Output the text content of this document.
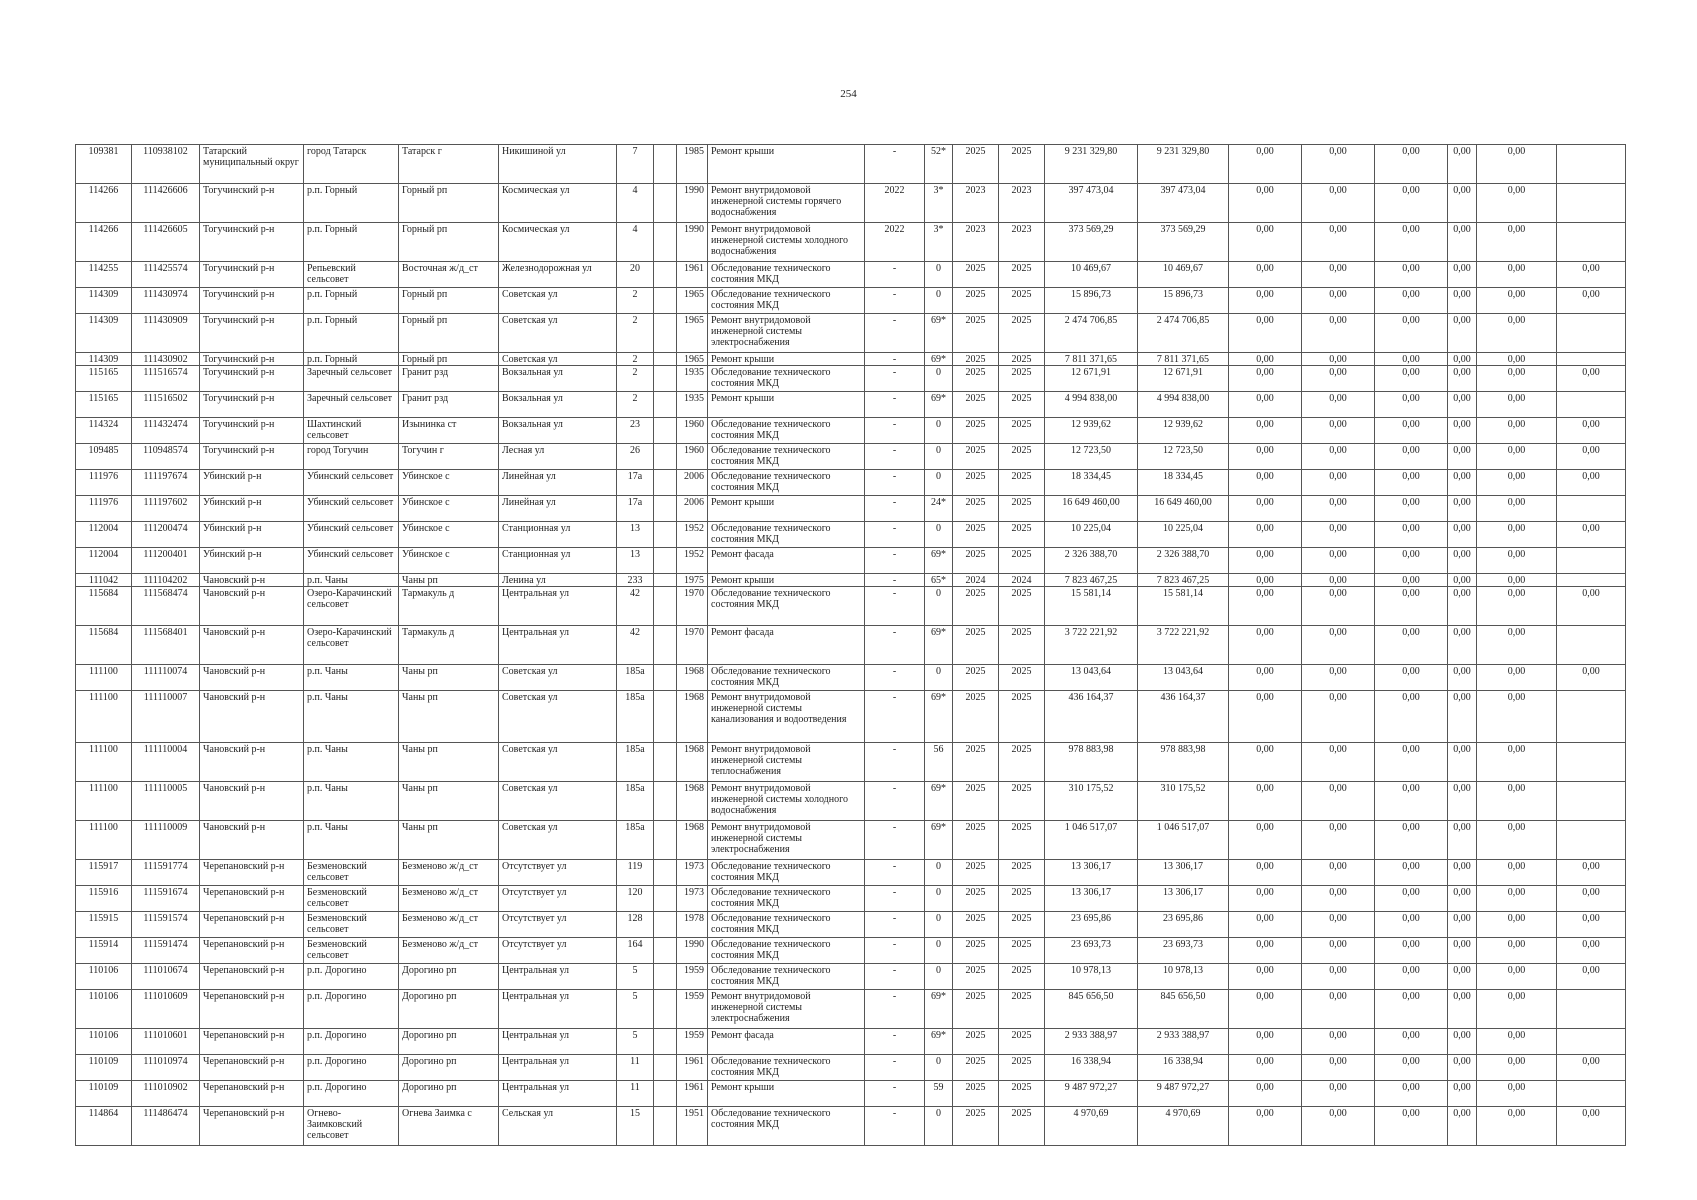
254
109381	110938102	Татарский муниципальный округ	город Татарск	Татарск г	Никишиной ул	7		1985	Ремонт крыши	-	52*	2025	2025	9 231 329,80	9 231 329,80	0,00	0,00	0,00	0,00	0,00	
114266	111426606	Тогучинский р-н	р.п. Горный	Горный рп	Космическая ул	4		1990	Ремонт внутридомовой инженерной системы горячего водоснабжения	2022	3*	2023	2023	397 473,04	397 473,04	0,00	0,00	0,00	0,00	0,00	
114266	111426605	Тогучинский р-н	р.п. Горный	Горный рп	Космическая ул	4		1990	Ремонт внутридомовой инженерной системы холодного водоснабжения	2022	3*	2023	2023	373 569,29	373 569,29	0,00	0,00	0,00	0,00	0,00	
114255	111425574	Тогучинский р-н	Репьевский сельсовет	Восточная ж/д_ст	Железнодорожная ул	20		1961	Обследование технического состояния МКД	-	0	2025	2025	10 469,67	10 469,67	0,00	0,00	0,00	0,00	0,00	0,00
114309	111430974	Тогучинский р-н	р.п. Горный	Горный рп	Советская ул	2		1965	Обследование технического состояния МКД	-	0	2025	2025	15 896,73	15 896,73	0,00	0,00	0,00	0,00	0,00	0,00
114309	111430909	Тогучинский р-н	р.п. Горный	Горный рп	Советская ул	2		1965	Ремонт внутридомовой инженерной системы электроснабжения	-	69*	2025	2025	2 474 706,85	2 474 706,85	0,00	0,00	0,00	0,00	0,00	
114309	111430902	Тогучинский р-н	р.п. Горный	Горный рп	Советская ул	2		1965	Ремонт крыши	-	69*	2025	2025	7 811 371,65	7 811 371,65	0,00	0,00	0,00	0,00	0,00	
115165	111516574	Тогучинский р-н	Заречный сельсовет	Гранит рзд	Вокзальная ул	2		1935	Обследование технического состояния МКД	-	0	2025	2025	12 671,91	12 671,91	0,00	0,00	0,00	0,00	0,00	0,00
115165	111516502	Тогучинский р-н	Заречный сельсовет	Гранит рзд	Вокзальная ул	2		1935	Ремонт крыши	-	69*	2025	2025	4 994 838,00	4 994 838,00	0,00	0,00	0,00	0,00	0,00	
114324	111432474	Тогучинский р-н	Шахтинский сельсовет	Изынинка ст	Вокзальная ул	23		1960	Обследование технического состояния МКД	-	0	2025	2025	12 939,62	12 939,62	0,00	0,00	0,00	0,00	0,00	0,00
109485	110948574	Тогучинский р-н	город Тогучин	Тогучин г	Лесная ул	26		1960	Обследование технического состояния МКД	-	0	2025	2025	12 723,50	12 723,50	0,00	0,00	0,00	0,00	0,00	0,00
111976	111197674	Убинский р-н	Убинский сельсовет	Убинское с	Линейная ул	17а		2006	Обследование технического состояния МКД	-	0	2025	2025	18 334,45	18 334,45	0,00	0,00	0,00	0,00	0,00	0,00
111976	111197602	Убинский р-н	Убинский сельсовет	Убинское с	Линейная ул	17а		2006	Ремонт крыши	-	24*	2025	2025	16 649 460,00	16 649 460,00	0,00	0,00	0,00	0,00	0,00	
112004	111200474	Убинский р-н	Убинский сельсовет	Убинское с	Станционная ул	13		1952	Обследование технического состояния МКД	-	0	2025	2025	10 225,04	10 225,04	0,00	0,00	0,00	0,00	0,00	0,00
112004	111200401	Убинский р-н	Убинский сельсовет	Убинское с	Станционная ул	13		1952	Ремонт фасада	-	69*	2025	2025	2 326 388,70	2 326 388,70	0,00	0,00	0,00	0,00	0,00	
111042	111104202	Чановский р-н	р.п. Чаны	Чаны рп	Ленина ул	233		1975	Ремонт крыши	-	65*	2024	2024	7 823 467,25	7 823 467,25	0,00	0,00	0,00	0,00	0,00	
115684	111568474	Чановский р-н	Озеро-Карачинский сельсовет	Тармакуль д	Центральная ул	42		1970	Обследование технического состояния МКД	-	0	2025	2025	15 581,14	15 581,14	0,00	0,00	0,00	0,00	0,00	0,00
115684	111568401	Чановский р-н	Озеро-Карачинский сельсовет	Тармакуль д	Центральная ул	42		1970	Ремонт фасада	-	69*	2025	2025	3 722 221,92	3 722 221,92	0,00	0,00	0,00	0,00	0,00	
111100	111110074	Чановский р-н	р.п. Чаны	Чаны рп	Советская ул	185а		1968	Обследование технического состояния МКД	-	0	2025	2025	13 043,64	13 043,64	0,00	0,00	0,00	0,00	0,00	0,00
111100	111110007	Чановский р-н	р.п. Чаны	Чаны рп	Советская ул	185а		1968	Ремонт внутридомовой инженерной системы канализования и водоотведения	-	69*	2025	2025	436 164,37	436 164,37	0,00	0,00	0,00	0,00	0,00	
111100	111110004	Чановский р-н	р.п. Чаны	Чаны рп	Советская ул	185а		1968	Ремонт внутридомовой инженерной системы теплоснабжения	-	56	2025	2025	978 883,98	978 883,98	0,00	0,00	0,00	0,00	0,00	
111100	111110005	Чановский р-н	р.п. Чаны	Чаны рп	Советская ул	185а		1968	Ремонт внутридомовой инженерной системы холодного водоснабжения	-	69*	2025	2025	310 175,52	310 175,52	0,00	0,00	0,00	0,00	0,00	
111100	111110009	Чановский р-н	р.п. Чаны	Чаны рп	Советская ул	185а		1968	Ремонт внутридомовой инженерной системы электроснабжения	-	69*	2025	2025	1 046 517,07	1 046 517,07	0,00	0,00	0,00	0,00	0,00	
115917	111591774	Черепановский р-н	Безменовский сельсовет	Безменово ж/д_ст	Отсутствует ул	119		1973	Обследование технического состояния МКД	-	0	2025	2025	13 306,17	13 306,17	0,00	0,00	0,00	0,00	0,00	0,00
115916	111591674	Черепановский р-н	Безменовский сельсовет	Безменово ж/д_ст	Отсутствует ул	120		1973	Обследование технического состояния МКД	-	0	2025	2025	13 306,17	13 306,17	0,00	0,00	0,00	0,00	0,00	0,00
115915	111591574	Черепановский р-н	Безменовский сельсовет	Безменово ж/д_ст	Отсутствует ул	128		1978	Обследование технического состояния МКД	-	0	2025	2025	23 695,86	23 695,86	0,00	0,00	0,00	0,00	0,00	0,00
115914	111591474	Черепановский р-н	Безменовский сельсовет	Безменово ж/д_ст	Отсутствует ул	164		1990	Обследование технического состояния МКД	-	0	2025	2025	23 693,73	23 693,73	0,00	0,00	0,00	0,00	0,00	0,00
110106	111010674	Черепановский р-н	р.п. Дорогино	Дорогино рп	Центральная ул	5		1959	Обследование технического состояния МКД	-	0	2025	2025	10 978,13	10 978,13	0,00	0,00	0,00	0,00	0,00	0,00
110106	111010609	Черепановский р-н	р.п. Дорогино	Дорогино рп	Центральная ул	5		1959	Ремонт внутридомовой инженерной системы электроснабжения	-	69*	2025	2025	845 656,50	845 656,50	0,00	0,00	0,00	0,00	0,00	
110106	111010601	Черепановский р-н	р.п. Дорогино	Дорогино рп	Центральная ул	5		1959	Ремонт фасада	-	69*	2025	2025	2 933 388,97	2 933 388,97	0,00	0,00	0,00	0,00	0,00	
110109	111010974	Черепановский р-н	р.п. Дорогино	Дорогино рп	Центральная ул	11		1961	Обследование технического состояния МКД	-	0	2025	2025	16 338,94	16 338,94	0,00	0,00	0,00	0,00	0,00	0,00
110109	111010902	Черепановский р-н	р.п. Дорогино	Дорогино рп	Центральная ул	11		1961	Ремонт крыши	-	59	2025	2025	9 487 972,27	9 487 972,27	0,00	0,00	0,00	0,00	0,00	
114864	111486474	Черепановский р-н	Огнево-Заимковский сельсовет	Огнева Заимка с	Сельская ул	15		1951	Обследование технического состояния МКД	-	0	2025	2025	4 970,69	4 970,69	0,00	0,00	0,00	0,00	0,00	0,00
